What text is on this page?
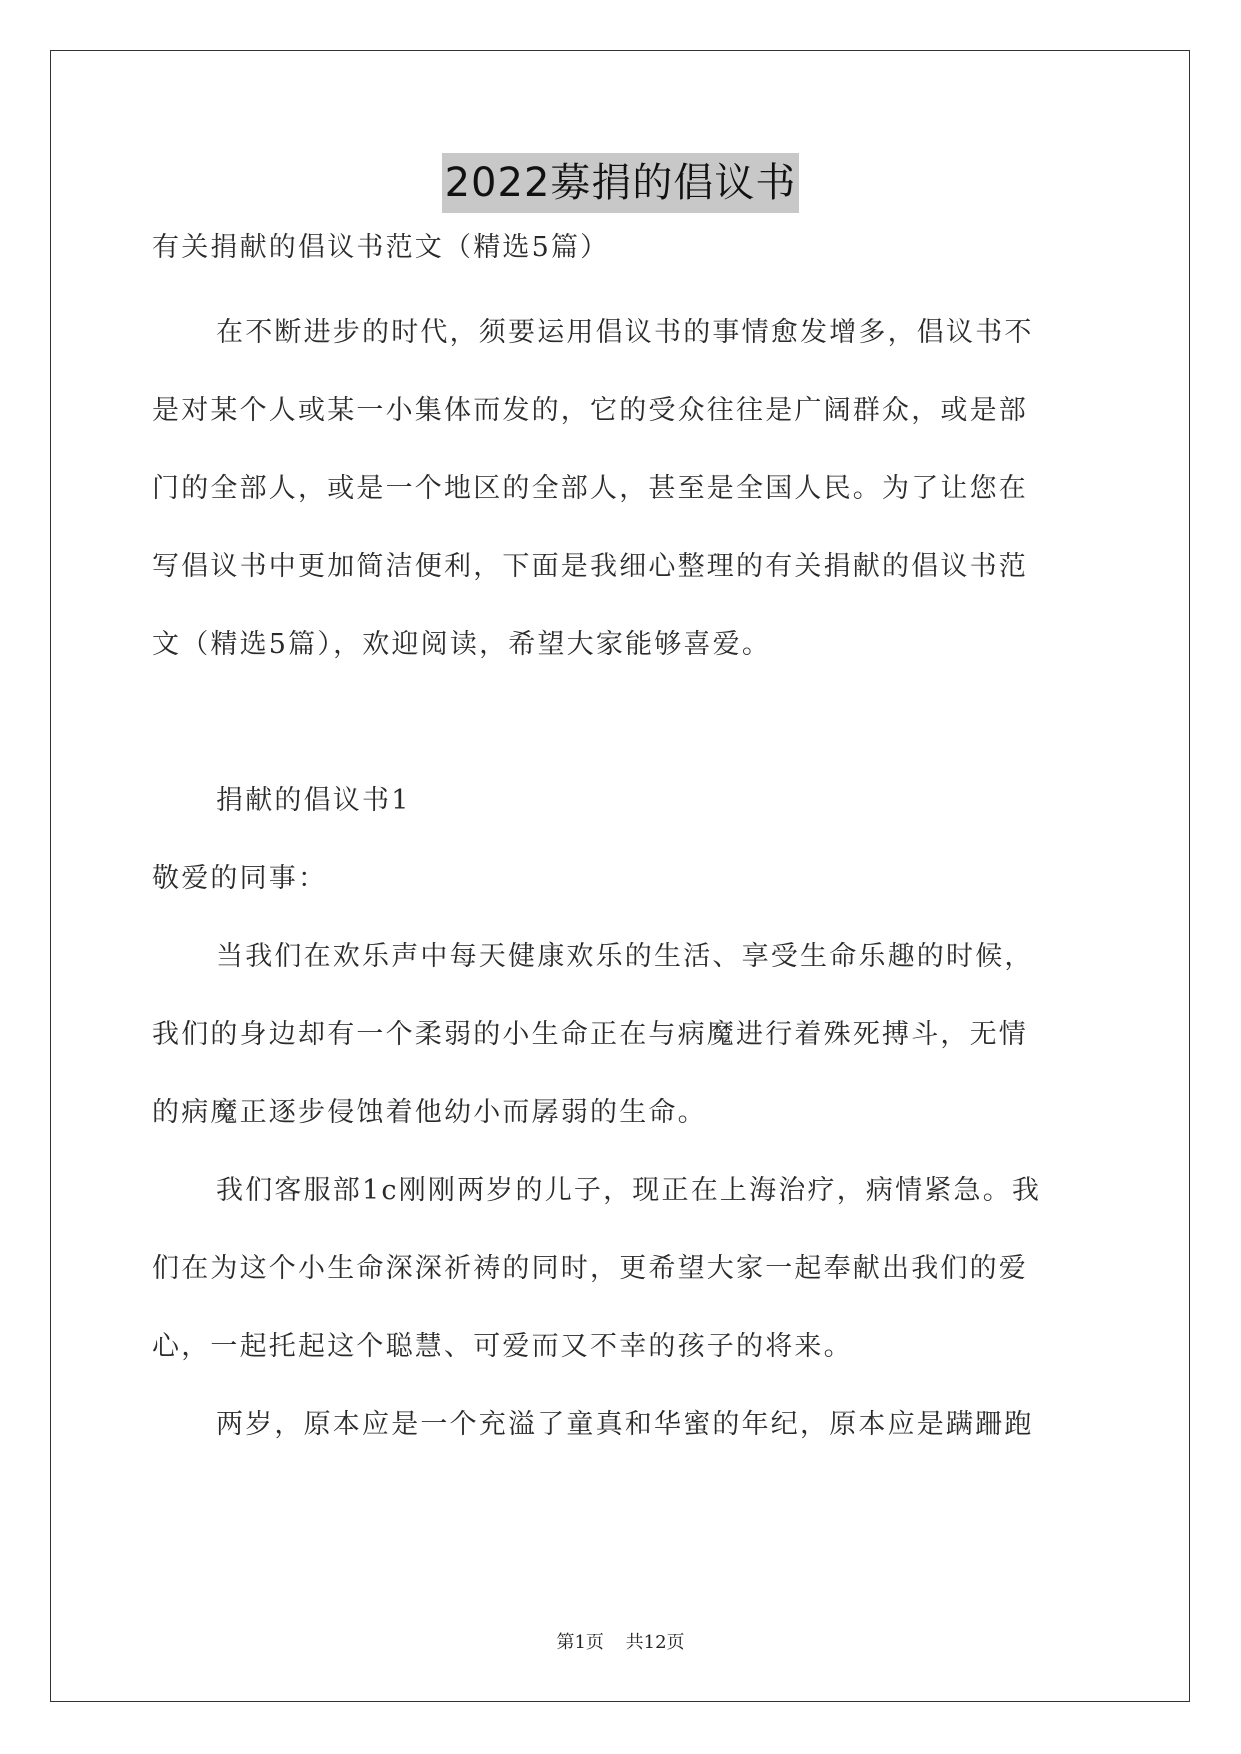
2022募捐的倡议书
有关捐献的倡议书范文（精选5篇）
在不断进步的时代，须要运用倡议书的事情愈发增多，倡议书不
是对某个人或某一小集体而发的，它的受众往往是广阔群众，或是部
门的全部人，或是一个地区的全部人，甚至是全国人民。为了让您在
写倡议书中更加简洁便利，下面是我细心整理的有关捐献的倡议书范
文（精选5篇），欢迎阅读，希望大家能够喜爱。
捐献的倡议书1
敬爱的同事：
当我们在欢乐声中每天健康欢乐的生活、享受生命乐趣的时候，
我们的身边却有一个柔弱的小生命正在与病魔进行着殊死搏斗，无情
的病魔正逐步侵蚀着他幼小而孱弱的生命。
我们客服部1c刚刚两岁的儿子，现正在上海治疗，病情紧急。我
们在为这个小生命深深祈祷的同时，更希望大家一起奉献出我们的爱
心，一起托起这个聪慧、可爱而又不幸的孩子的将来。
两岁，原本应是一个充溢了童真和华蜜的年纪，原本应是蹒跚跑
第1页 共12页
